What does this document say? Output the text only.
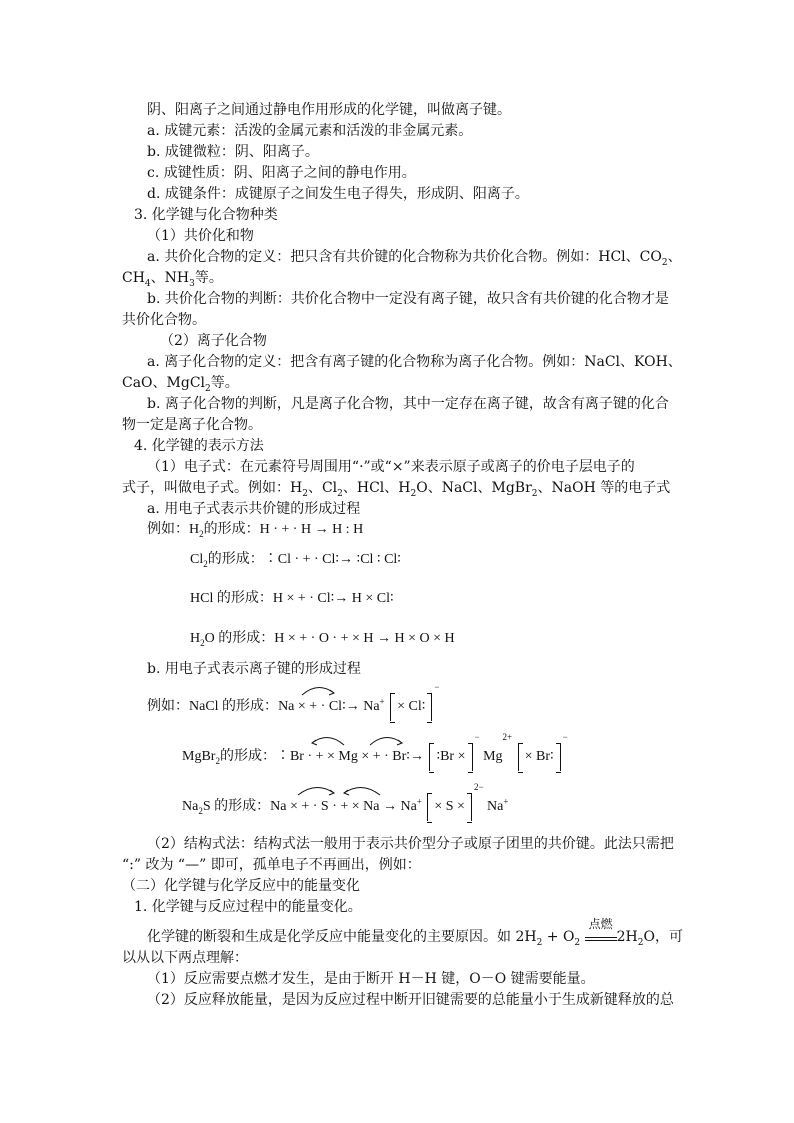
阴、阳离子之间通过静电作用形成的化学键，叫做离子键。
a. 成键元素：活泼的金属元素和活泼的非金属元素。
b. 成键微粒：阴、阳离子。
c. 成键性质：阴、阳离子之间的静电作用。
d. 成键条件：成键原子之间发生电子得失，形成阴、阳离子。
3. 化学键与化合物种类
（1）共价化和物
a. 共价化合物的定义：把只含有共价键的化合物称为共价化合物。例如：HCl、$CO_2$、
$CH_4$、$NH_3$等。
b. 共价化合物的判断：共价化合物中一定没有离子键，故只含有共价键的化合物才是
共价化合物。
（2）离子化合物
a. 离子化合物的定义：把含有离子键的化合物称为离子化合物。例如：NaCl、KOH、
CaO、MgCl$_2$等。
b. 离子化合物的判断，凡是离子化合物，其中一定存在离子键，故含有离子键的化合
物一定是离子化合物。
4. 化学键的表示方法
（1）电子式：在元素符号周围用“·”或“×”来表示原子或离子的价电子层电子的
式子，叫做电子式。例如：$H_2$、$Cl_2$、HCl、$H_2O$、NaCl、MgBr$_2$、NaOH 等的电子式
a. 用电子式表示共价键的形成过程
例如：$H_2$的形成：H · + · H → H : H
$Cl_2$的形成：∶Cl · + · Cl∶→ ∶Cl ∶ Cl∶
HCl 的形成：H × + · Cl∶→ H × Cl∶
$H_2O$ 的形成：H × + · O · + × H → H × O × H
b. 用电子式表示离子键的形成过程
例如：NaCl 的形成：Na × + · Cl∶→ Na+ × Cl∶−
MgBr$_2$的形成：∶Br · + × Mg × + · Br∶→ ∶Br ×− $Mg^{2+}$ × Br∶−
$Na_2S$ 的形成：Na × + · S · + × Na → Na+ × S ×$^{2-}$ Na+
（2）结构式法：结构式法一般用于表示共价型分子或原子团里的共价键。此法只需把
“:” 改为 “—” 即可，孤单电子不再画出，例如：
（二）化学键与化学反应中的能量变化
1. 化学键与反应过程中的能量变化。
化学键的断裂和生成是化学反应中能量变化的主要原因。如 $2H_2 + O_2$
点燃
$2H_2O$，可
以从以下两点理解：
（1）反应需要点燃才发生，是由于断开 H－H 键，O－O 键需要能量。
（2）反应释放能量，是因为反应过程中断开旧键需要的总能量小于生成新键释放的总
